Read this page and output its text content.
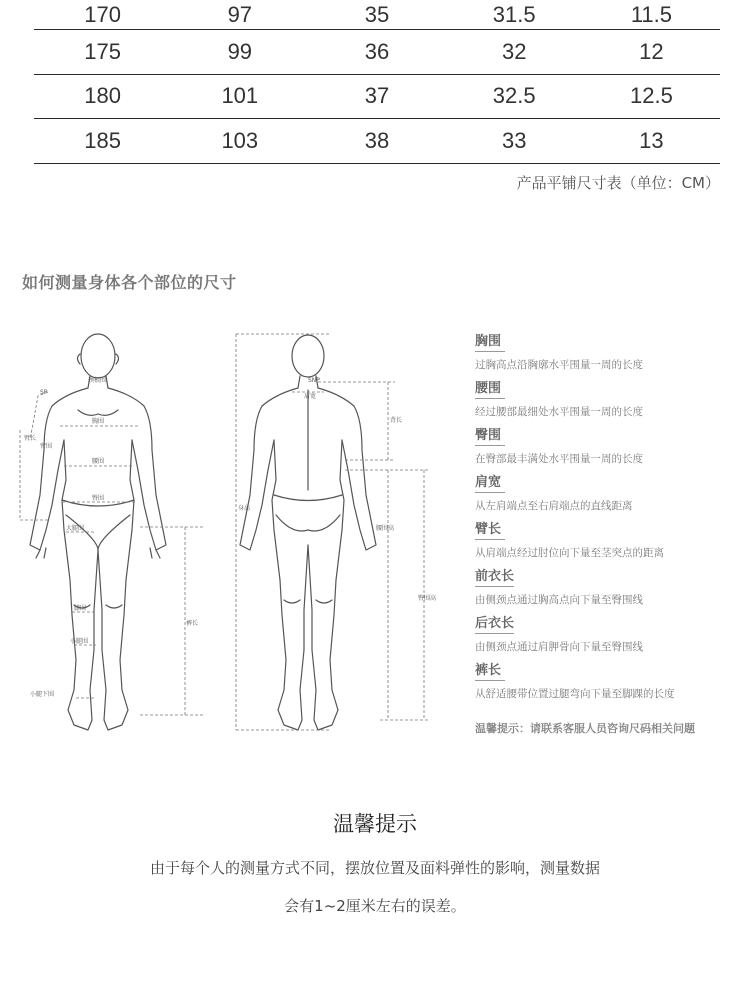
170	97	35	31.5	11.5
175	99	36	32	12
180	101	37	32.5	12.5
185	103	38	33	13
产品平铺尺寸表（单位：CM）
如何测量身体各个部位的尺寸
SP
颈根围
胸围
臂长
臂围
腰围
臀围
大腿围
膝围
小腿围
裤长
小腿下围
SNP
肩宽
身高
背长
腰围高
臀围高
胸围
过胸高点沿胸廓水平围量一周的长度
腰围
经过腰部最细处水平围量一周的长度
臀围
在臀部最丰满处水平围量一周的长度
肩宽
从左肩端点至右肩端点的直线距离
臂长
从肩端点经过肘位向下量至茎突点的距离
前衣长
由侧颈点通过胸高点向下量至臀围线
后衣长
由侧颈点通过肩胛骨向下量至臀围线
裤长
从舒适腰带位置过腿弯向下量至脚踝的长度
温馨提示：请联系客服人员咨询尺码相关问题
温馨提示
由于每个人的测量方式不同，摆放位置及面料弹性的影响，测量数据
会有1~2厘米左右的误差。
